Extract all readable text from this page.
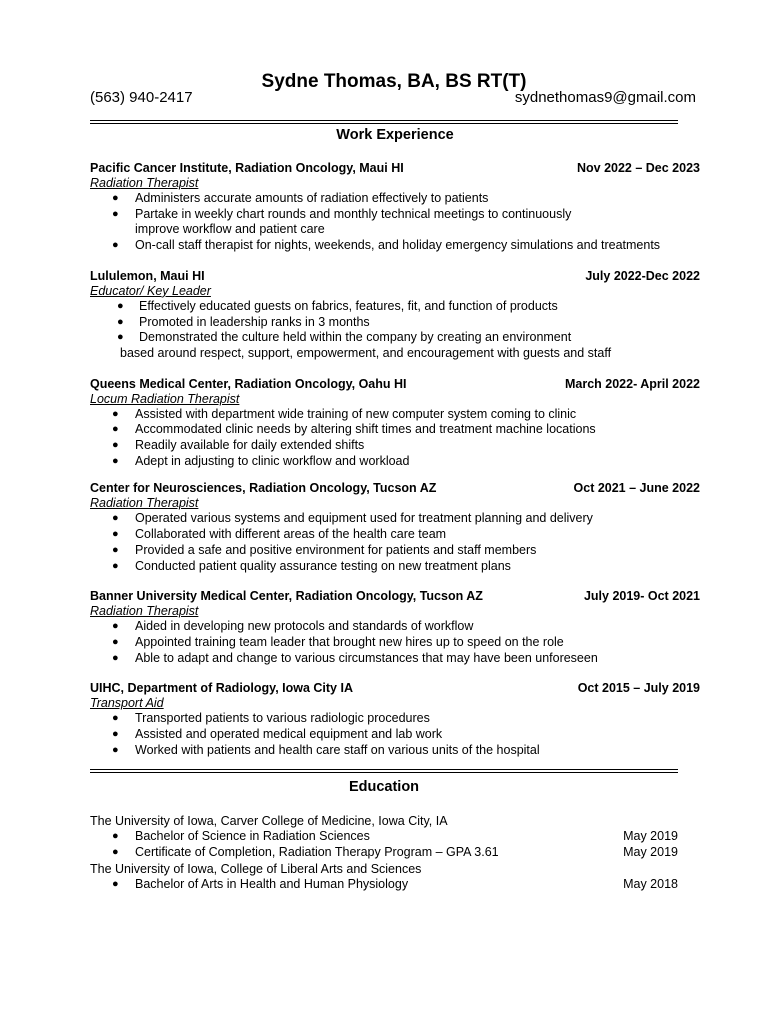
Sydne Thomas, BA, BS RT(T)
(563) 940-2417	sydnethomas9@gmail.com
Work Experience
Pacific Cancer Institute, Radiation Oncology, Maui HI	Nov 2022 – Dec 2023
Radiation Therapist
● Administers accurate amounts of radiation effectively to patients
● Partake in weekly chart rounds and monthly technical meetings to continuously
improve workflow and patient care
● On-call staff therapist for nights, weekends, and holiday emergency simulations and treatments
Lululemon, Maui HI	July 2022-Dec 2022
Educator/ Key Leader
● Effectively educated guests on fabrics, features, fit, and function of products
● Promoted in leadership ranks in 3 months
● Demonstrated the culture held within the company by creating an environment
based around respect, support, empowerment, and encouragement with guests and staff
Queens Medical Center, Radiation Oncology, Oahu HI	March 2022- April 2022
Locum Radiation Therapist
● Assisted with department wide training of new computer system coming to clinic
● Accommodated clinic needs by altering shift times and treatment machine locations
● Readily available for daily extended shifts
● Adept in adjusting to clinic workflow and workload
Center for Neurosciences, Radiation Oncology, Tucson AZ	Oct 2021 – June 2022
Radiation Therapist
● Operated various systems and equipment used for treatment planning and delivery
● Collaborated with different areas of the health care team
● Provided a safe and positive environment for patients and staff members
● Conducted patient quality assurance testing on new treatment plans
Banner University Medical Center, Radiation Oncology, Tucson AZ	July 2019- Oct 2021
Radiation Therapist
● Aided in developing new protocols and standards of workflow
● Appointed training team leader that brought new hires up to speed on the role
● Able to adapt and change to various circumstances that may have been unforeseen
UIHC, Department of Radiology, Iowa City IA	Oct 2015 – July 2019
Transport Aid
● Transported patients to various radiologic procedures
● Assisted and operated medical equipment and lab work
● Worked with patients and health care staff on various units of the hospital
Education
The University of Iowa, Carver College of Medicine, Iowa City, IA
● Bachelor of Science in Radiation Sciences	May 2019
● Certificate of Completion, Radiation Therapy Program – GPA 3.61	May 2019
The University of Iowa, College of Liberal Arts and Sciences
● Bachelor of Arts in Health and Human Physiology	May 2018
